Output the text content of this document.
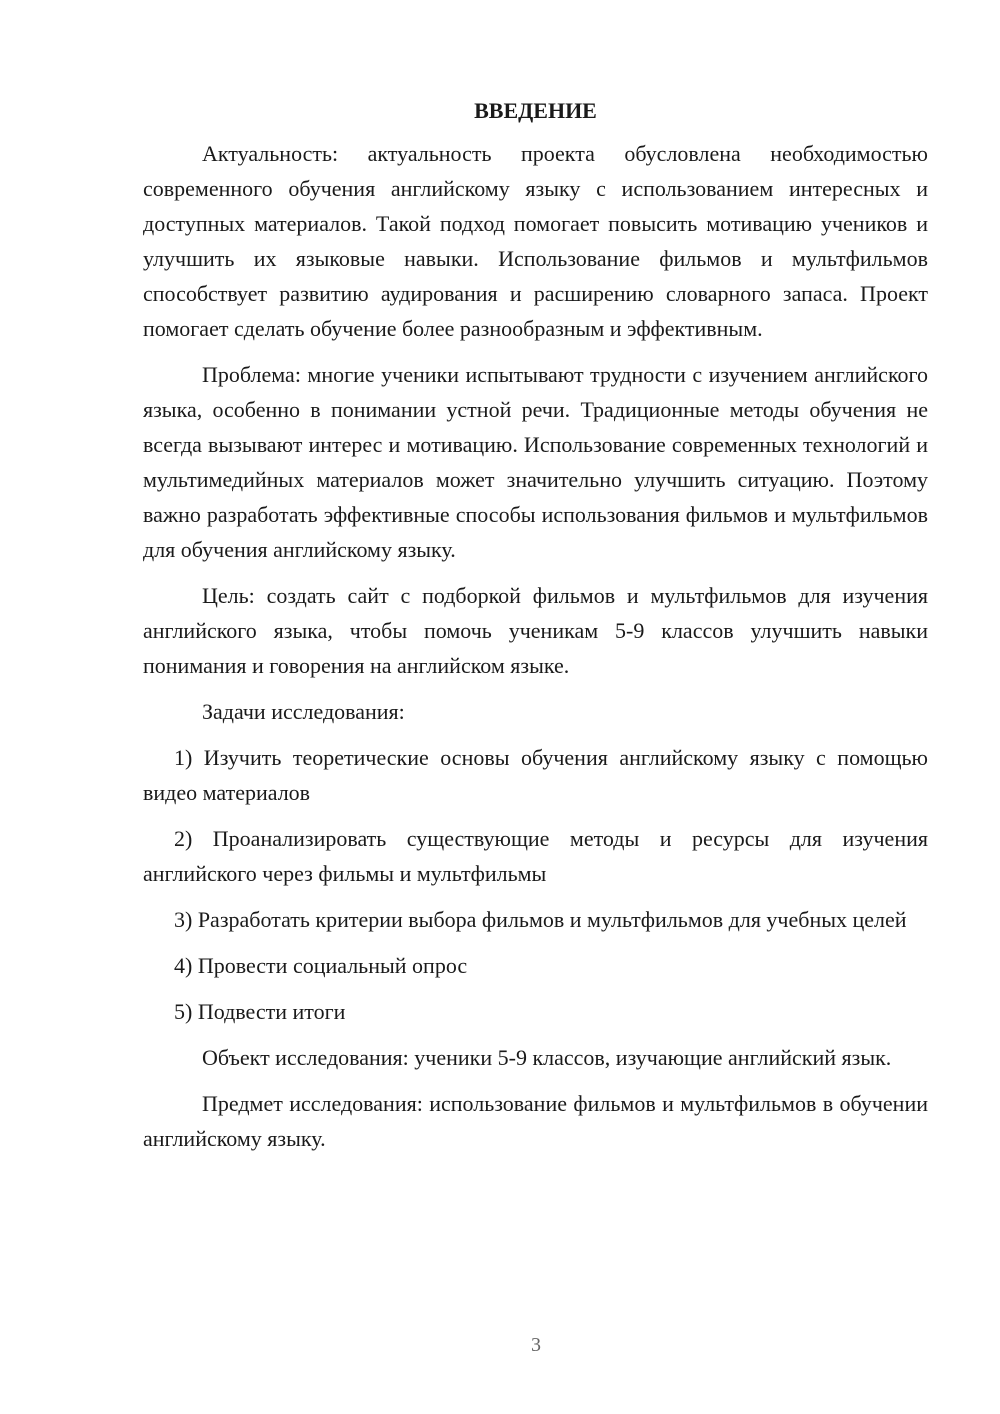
ВВЕДЕНИЕ

Актуальность: актуальность проекта обусловлена необходимостью современного обучения английскому языку с использованием интересных и доступных материалов. Такой подход помогает повысить мотивацию учеников и улучшить их языковые навыки. Использование фильмов и мультфильмов способствует развитию аудирования и расширению словарного запаса. Проект помогает сделать обучение более разнообразным и эффективным.

Проблема: многие ученики испытывают трудности с изучением английского языка, особенно в понимании устной речи. Традиционные методы обучения не всегда вызывают интерес и мотивацию. Использование современных технологий и мультимедийных материалов может значительно улучшить ситуацию. Поэтому важно разработать эффективные способы использования фильмов и мультфильмов для обучения английскому языку.

Цель: создать сайт с подборкой фильмов и мультфильмов для изучения английского языка, чтобы помочь ученикам 5-9 классов улучшить навыки понимания и говорения на английском языке.

Задачи исследования:

1) Изучить теоретические основы обучения английскому языку с помощью видео материалов

2) Проанализировать существующие методы и ресурсы для изучения английского через фильмы и мультфильмы

3) Разработать критерии выбора фильмов и мультфильмов для учебных целей

4) Провести социальный опрос

5) Подвести итоги

Объект исследования: ученики 5-9 классов, изучающие английский язык.

Предмет исследования: использование фильмов и мультфильмов в обучении английскому языку.

3
